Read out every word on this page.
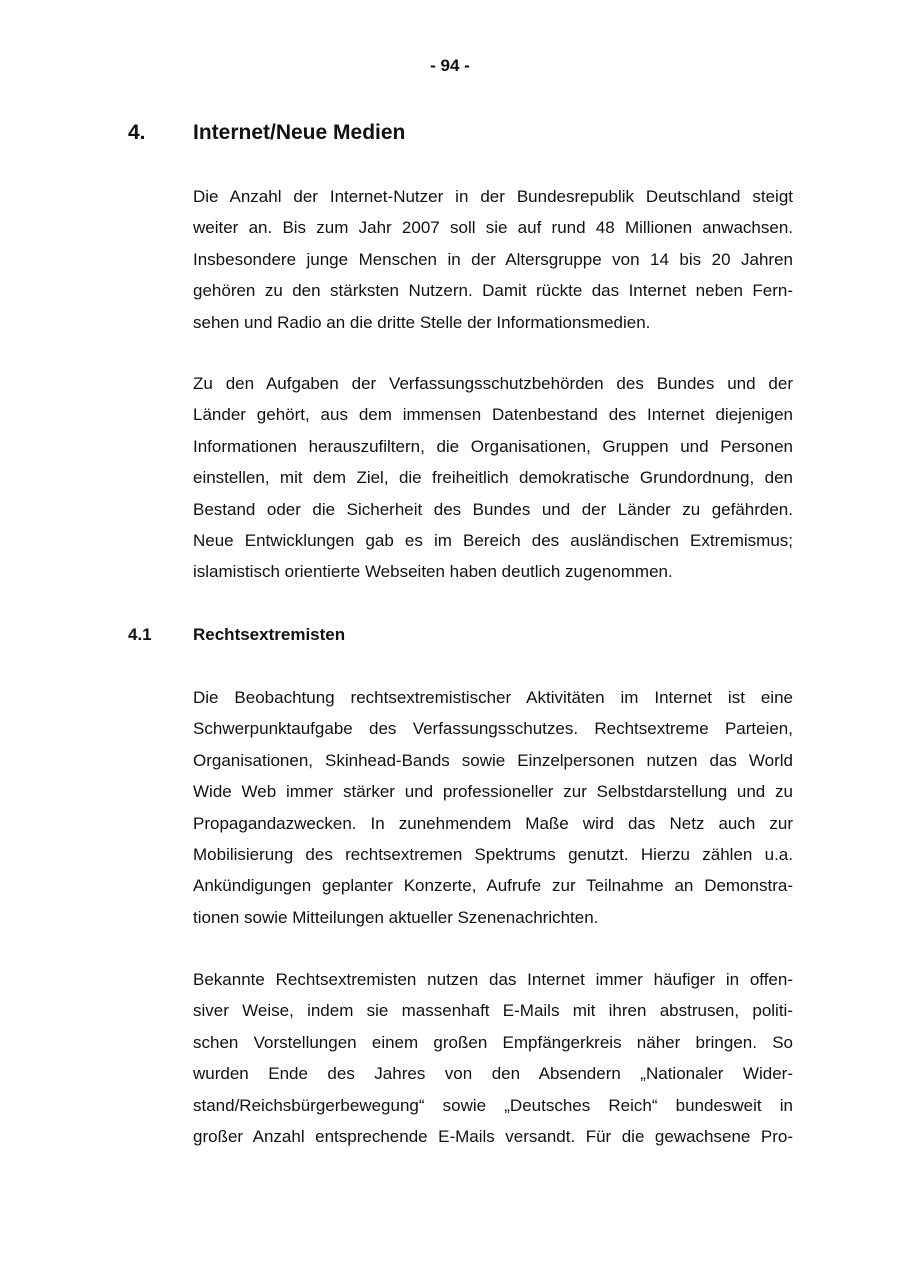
- 94 -
4. Internet/Neue Medien
Die Anzahl der Internet-Nutzer in der Bundesrepublik Deutschland steigt
weiter an. Bis zum Jahr 2007 soll sie auf rund 48 Millionen anwachsen.
Insbesondere junge Menschen in der Altersgruppe von 14 bis 20 Jahren
gehören zu den stärksten Nutzern. Damit rückte das Internet neben Fern-
sehen und Radio an die dritte Stelle der Informationsmedien.
Zu den Aufgaben der Verfassungsschutzbehörden des Bundes und der
Länder gehört, aus dem immensen Datenbestand des Internet diejenigen
Informationen herauszufiltern, die Organisationen, Gruppen und Personen
einstellen, mit dem Ziel, die freiheitlich demokratische Grundordnung, den
Bestand oder die Sicherheit des Bundes und der Länder zu gefährden.
Neue Entwicklungen gab es im Bereich des ausländischen Extremismus;
islamistisch orientierte Webseiten haben deutlich zugenommen.
4.1 Rechtsextremisten
Die Beobachtung rechtsextremistischer Aktivitäten im Internet ist eine
Schwerpunktaufgabe des Verfassungsschutzes. Rechtsextreme Parteien,
Organisationen, Skinhead-Bands sowie Einzelpersonen nutzen das World
Wide Web immer stärker und professioneller zur Selbstdarstellung und zu
Propagandazwecken. In zunehmendem Maße wird das Netz auch zur
Mobilisierung des rechtsextremen Spektrums genutzt. Hierzu zählen u.a.
Ankündigungen geplanter Konzerte, Aufrufe zur Teilnahme an Demonstra-
tionen sowie Mitteilungen aktueller Szenenachrichten.
Bekannte Rechtsextremisten nutzen das Internet immer häufiger in offen-
siver Weise, indem sie massenhaft E-Mails mit ihren abstrusen, politi-
schen Vorstellungen einem großen Empfängerkreis näher bringen. So
wurden Ende des Jahres von den Absendern „Nationaler Wider-
stand/Reichsbürgerbewegung“ sowie „Deutsches Reich“ bundesweit in
großer Anzahl entsprechende E-Mails versandt. Für die gewachsene Pro-
